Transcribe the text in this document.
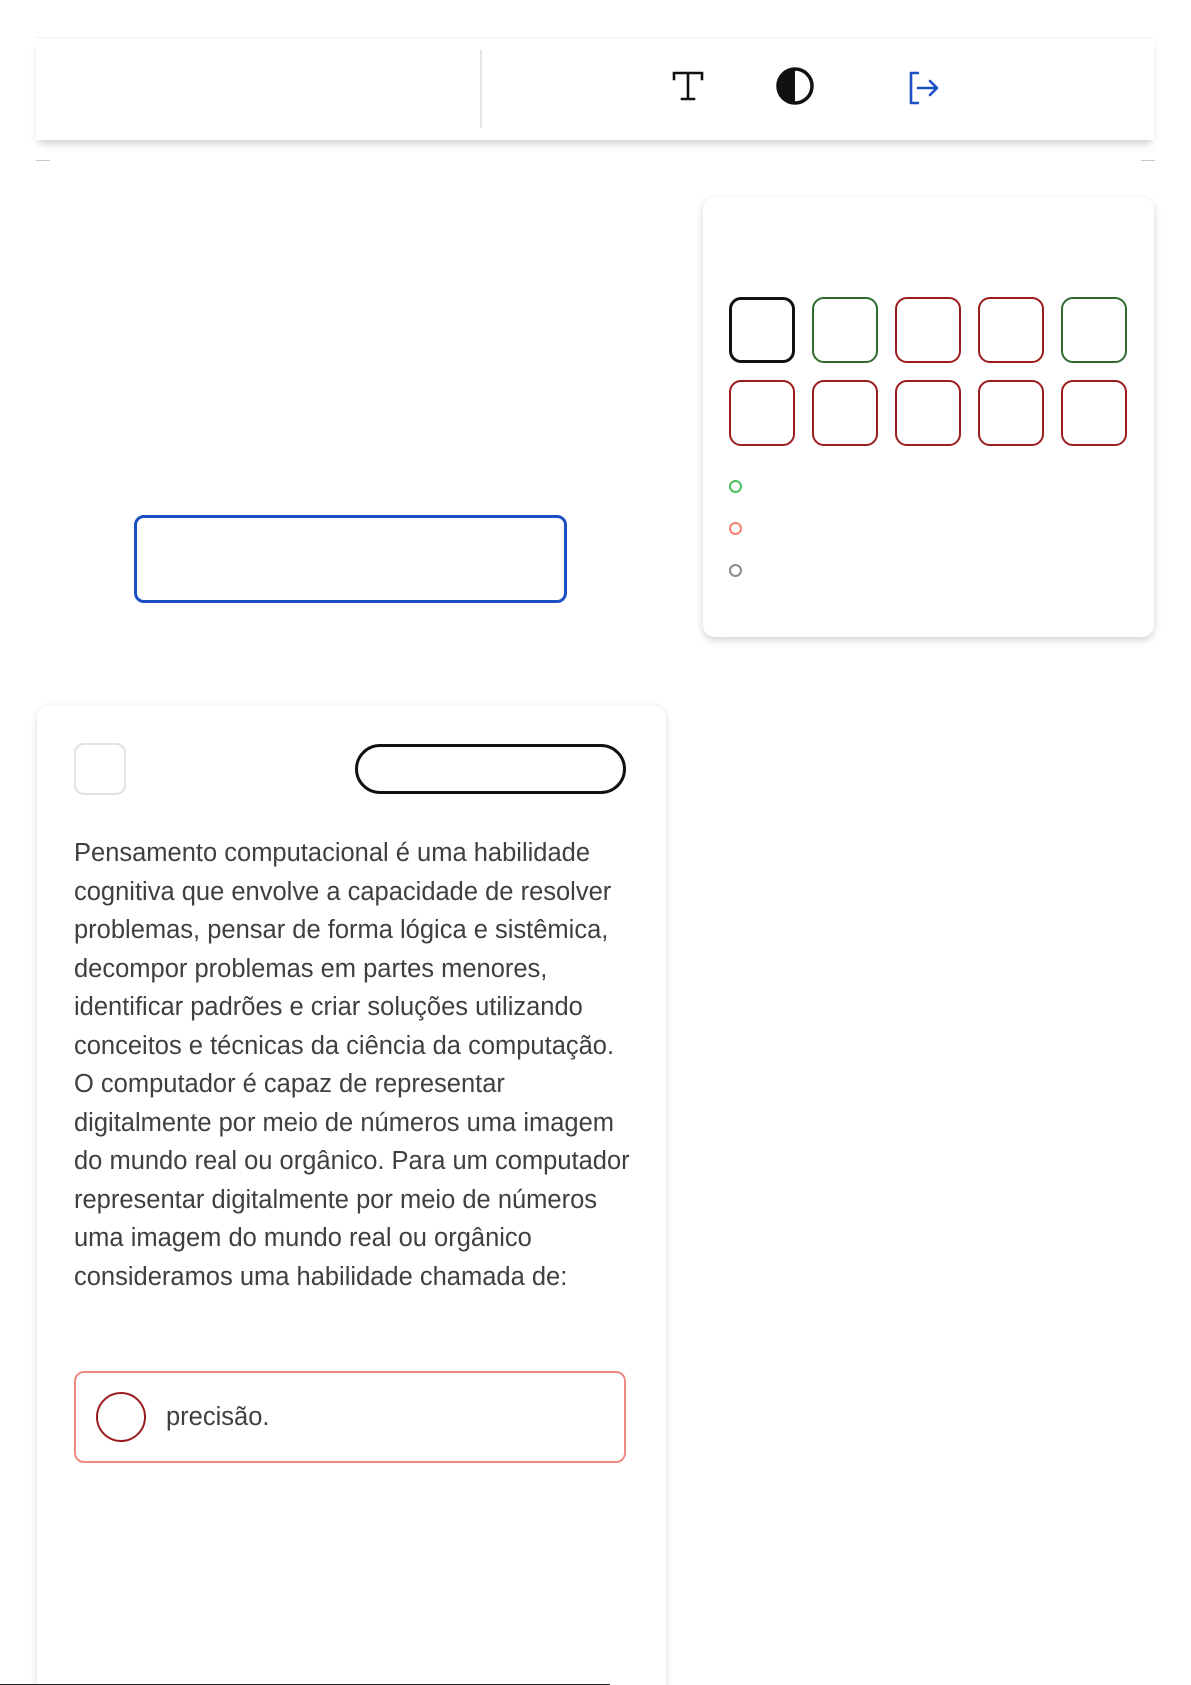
Pensamento computacional é uma habilidade cognitiva que envolve a capacidade de resolver problemas, pensar de forma lógica e sistêmica, decompor problemas em partes menores, identificar padrões e criar soluções utilizando conceitos e técnicas da ciência da computação. O computador é capaz de representar digitalmente por meio de números uma imagem do mundo real ou orgânico. Para um computador representar digitalmente por meio de números uma imagem do mundo real ou orgânico consideramos uma habilidade chamada de:

precisão.
